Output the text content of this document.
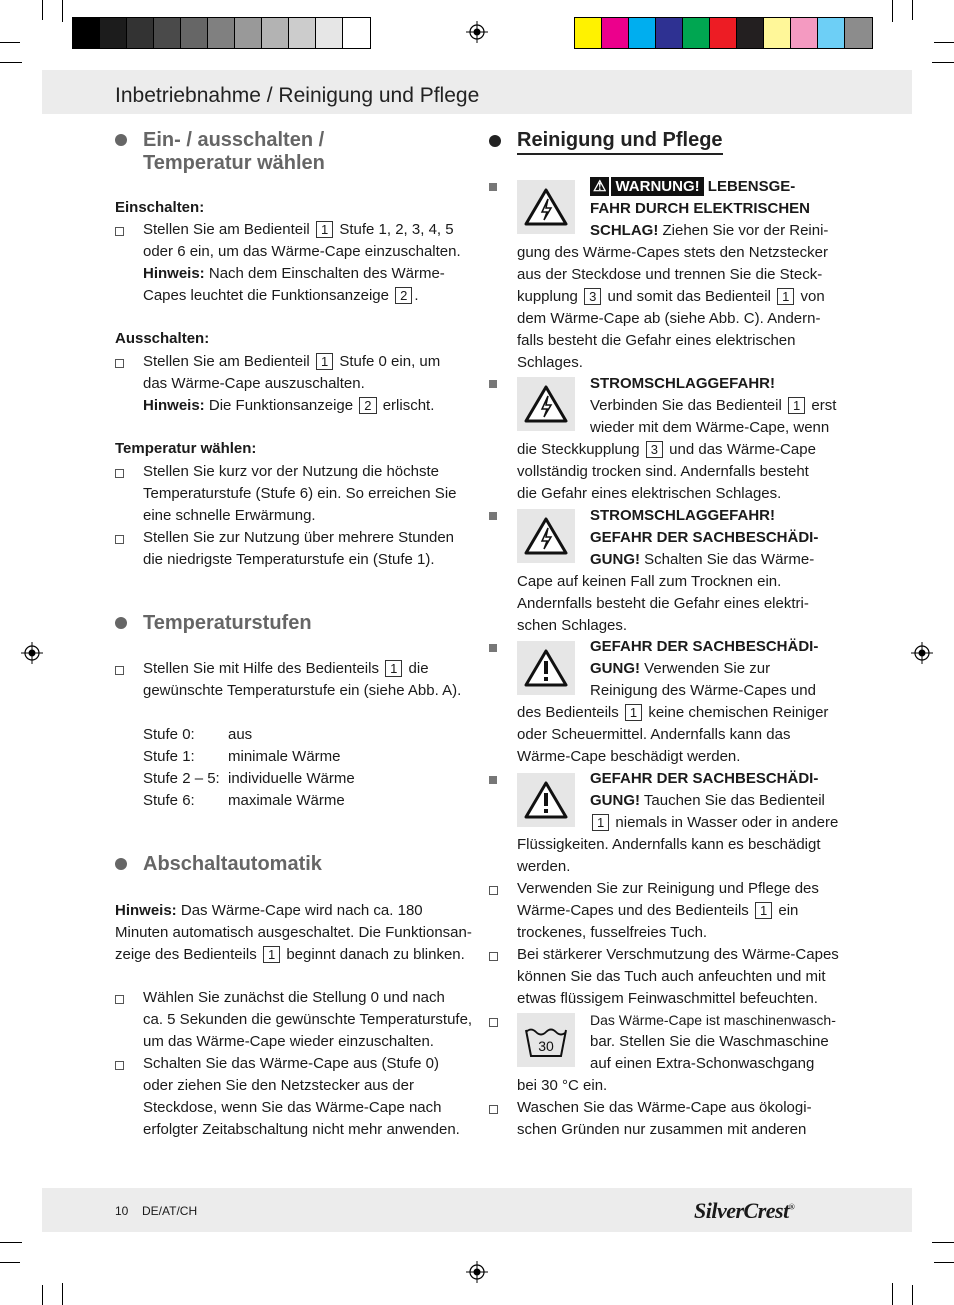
Inbetriebnahme / Reinigung und Pflege
Ein- / ausschalten /
Temperatur wählen
Einschalten:
Stellen Sie am Bedienteil 1 Stufe 1, 2, 3, 4, 5
oder 6 ein, um das Wärme-Cape einzuschalten.
Hinweis: Nach dem Einschalten des Wärme-
Capes leuchtet die Funktionsanzeige 2 .
Ausschalten:
Stellen Sie am Bedienteil 1 Stufe 0 ein, um
das Wärme-Cape auszuschalten.
Hinweis: Die Funktionsanzeige 2 erlischt.
Temperatur wählen:
Stellen Sie kurz vor der Nutzung die höchste
Temperaturstufe (Stufe 6) ein. So erreichen Sie
eine schnelle Erwärmung.
Stellen Sie zur Nutzung über mehrere Stunden
die niedrigste Temperaturstufe ein (Stufe 1).
Temperaturstufen
Stellen Sie mit Hilfe des Bedienteils 1 die
gewünschte Temperaturstufe ein (siehe Abb. A).
Stufe 0: aus
Stufe 1: minimale Wärme
Stufe 2 – 5: individuelle Wärme
Stufe 6: maximale Wärme
Abschaltautomatik
Hinweis: Das Wärme-Cape wird nach ca. 180
Minuten automatisch ausgeschaltet. Die Funktionsan-
zeige des Bedienteils 1 beginnt danach zu blinken.
Wählen Sie zunächst die Stellung 0 und nach
ca. 5 Sekunden die gewünschte Temperaturstufe,
um das Wärme-Cape wieder einzuschalten.
Schalten Sie das Wärme-Cape aus (Stufe 0)
oder ziehen Sie den Netzstecker aus der
Steckdose, wenn Sie das Wärme-Cape nach
erfolgter Zeitabschaltung nicht mehr anwenden.
Reinigung und Pflege
⚠ WARNUNG! LEBENSGE-
FAHR DURCH ELEKTRISCHEN
SCHLAG! Ziehen Sie vor der Reini-
gung des Wärme-Capes stets den Netzstecker
aus der Steckdose und trennen Sie die Steck-
kupplung 3 und somit das Bedienteil 1 von
dem Wärme-Cape ab (siehe Abb. C). Andern-
falls besteht die Gefahr eines elektrischen
Schlages.
STROMSCHLAGGEFAHR!
Verbinden Sie das Bedienteil 1 erst
wieder mit dem Wärme-Cape, wenn
die Steckkupplung 3 und das Wärme-Cape
vollständig trocken sind. Andernfalls besteht
die Gefahr eines elektrischen Schlages.
STROMSCHLAGGEFAHR!
GEFAHR DER SACHBESCHÄDI-
GUNG! Schalten Sie das Wärme-
Cape auf keinen Fall zum Trocknen ein.
Andernfalls besteht die Gefahr eines elektri-
schen Schlages.
GEFAHR DER SACHBESCHÄDI-
GUNG! Verwenden Sie zur
Reinigung des Wärme-Capes und
des Bedienteils 1 keine chemischen Reiniger
oder Scheuermittel. Andernfalls kann das
Wärme-Cape beschädigt werden.
GEFAHR DER SACHBESCHÄDI-
GUNG! Tauchen Sie das Bedienteil
1 niemals in Wasser oder in andere
Flüssigkeiten. Andernfalls kann es beschädigt
werden.
Verwenden Sie zur Reinigung und Pflege des
Wärme-Capes und des Bedienteils 1 ein
trockenes, fusselfreies Tuch.
Bei stärkerer Verschmutzung des Wärme-Capes
können Sie das Tuch auch anfeuchten und mit
etwas flüssigem Feinwaschmittel befeuchten.
30
Das Wärme-Cape ist maschinenwasch-
bar. Stellen Sie die Waschmaschine
auf einen Extra-Schonwaschgang
bei 30 °C ein.
Waschen Sie das Wärme-Cape aus ökologi-
schen Gründen nur zusammen mit anderen
10 DE/AT/CH	SilverCrest®
